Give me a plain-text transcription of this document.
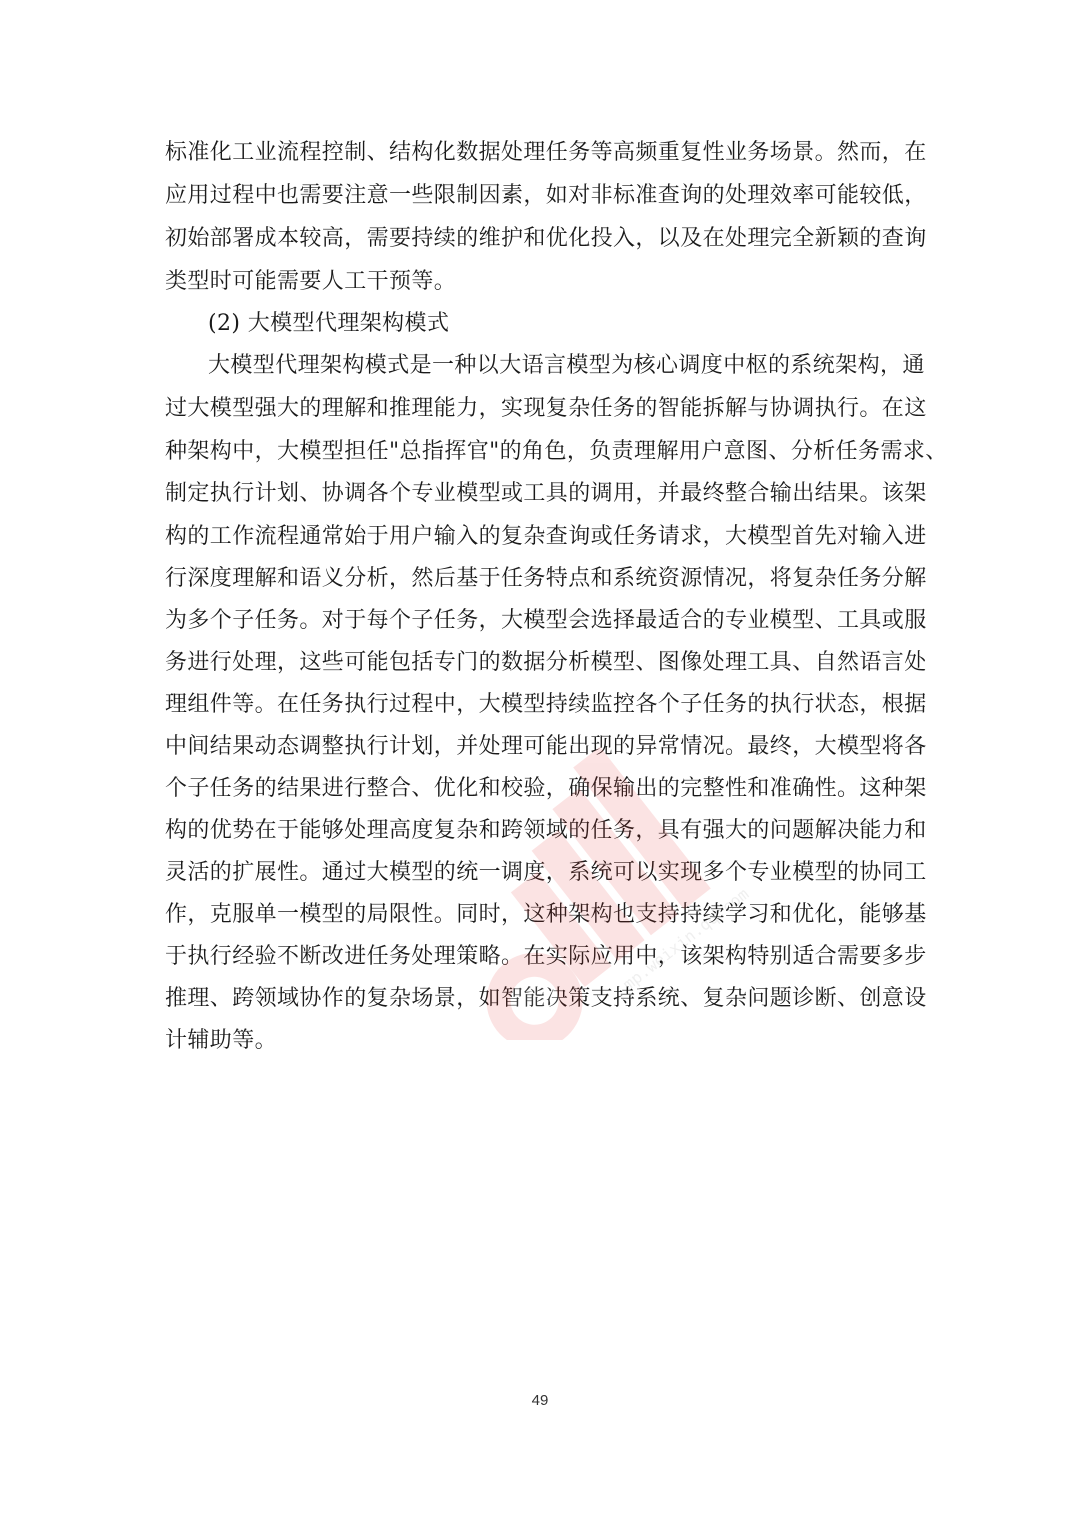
标准化工业流程控制、结构化数据处理任务等高频重复性业务场景。然而，在
应用过程中也需要注意一些限制因素，如对非标准查询的处理效率可能较低，
初始部署成本较高，需要持续的维护和优化投入，以及在处理完全新颖的查询
类型时可能需要人工干预等。
(2) 大模型代理架构模式
大模型代理架构模式是一种以大语言模型为核心调度中枢的系统架构，通
过大模型强大的理解和推理能力，实现复杂任务的智能拆解与协调执行。在这
种架构中，大模型担任"总指挥官"的角色，负责理解用户意图、分析任务需求、
制定执行计划、协调各个专业模型或工具的调用，并最终整合输出结果。该架
构的工作流程通常始于用户输入的复杂查询或任务请求，大模型首先对输入进
行深度理解和语义分析，然后基于任务特点和系统资源情况，将复杂任务分解
为多个子任务。对于每个子任务，大模型会选择最适合的专业模型、工具或服
务进行处理，这些可能包括专门的数据分析模型、图像处理工具、自然语言处
理组件等。在任务执行过程中，大模型持续监控各个子任务的执行状态，根据
中间结果动态调整执行计划，并处理可能出现的异常情况。最终，大模型将各
个子任务的结果进行整合、优化和校验，确保输出的完整性和准确性。这种架
构的优势在于能够处理高度复杂和跨领域的任务，具有强大的问题解决能力和
灵活的扩展性。通过大模型的统一调度，系统可以实现多个专业模型的协同工
作，克服单一模型的局限性。同时，这种架构也支持持续学习和优化，能够基
于执行经验不断改进任务处理策略。在实际应用中，该架构特别适合需要多步
推理、跨领域协作的复杂场景，如智能决策支持系统、复杂问题诊断、创意设
计辅助等。
mp.weixin.qq.com
49
